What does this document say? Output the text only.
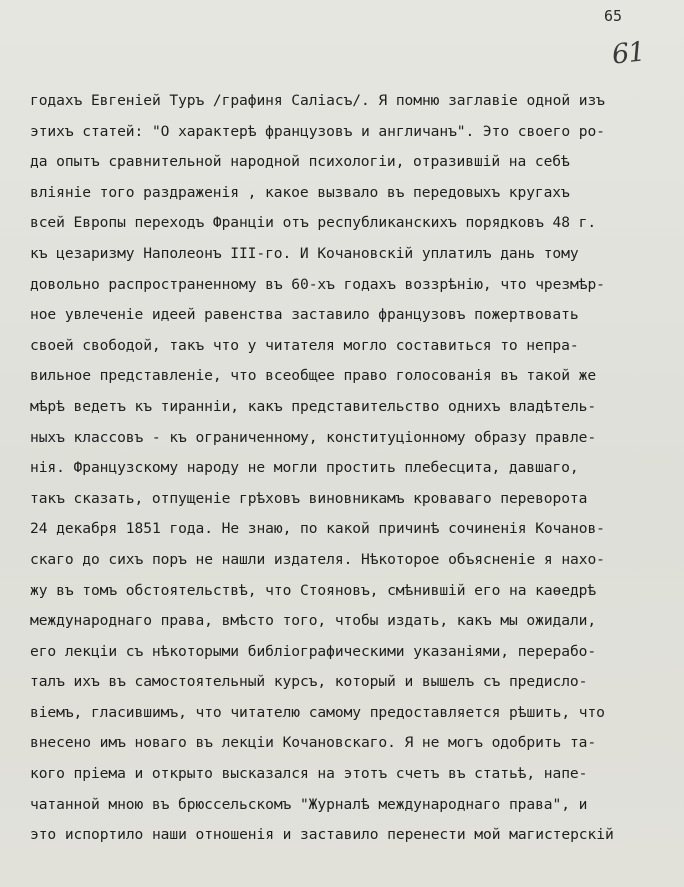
65
61
годахъ Евгеніей Туръ /графиня Саліасъ/. Я помню заглавіе одной изъ
этихъ статей: "О характерѣ французовъ и англичанъ". Это своего ро-
да опытъ сравнительной народной психологіи, отразившій на себѣ
вліяніе того раздраженія , какое вызвало въ передовыхъ кругахъ
всей Европы переходъ Франціи отъ республиканскихъ порядковъ 48 г.
къ цезаризму Наполеонъ III-го. И Кочановскій уплатилъ дань тому
довольно распространенному въ 60-хъ годахъ воззрѣнію, что чрезмѣр-
ное увлеченіе идеей равенства заставило французовъ пожертвовать
своей свободой, такъ что у читателя могло составиться то непра-
вильное представленіе, что всеобщее право голосованія въ такой же
мѣрѣ ведетъ къ тираннiи, какъ представительство однихъ владѣтель-
ныхъ классовъ - къ ограниченному, конституціонному образу правле-
нія. Французскому народу не могли простить плебесцита, давшаго,
такъ сказать, отпущеніе грѣховъ виновникамъ кроваваго переворота
24 декабря 1851 года. Не знаю, по какой причинѣ сочиненія Кочанов-
скаго до сихъ поръ не нашли издателя. Нѣкоторое объясненіе я нахо-
жу въ томъ обстоятельствѣ, что Стояновъ, смѣнившій его на каѳедрѣ
международнаго права, вмѣсто того, чтобы издать, какъ мы ожидали,
его лекціи съ нѣкоторыми библіографическими указаніями, перерабо-
талъ ихъ въ самостоятельный курсъ, который и вышелъ съ предисло-
віемъ, гласившимъ, что читателю самому предоставляется рѣшить, что
внесено имъ новаго въ лекціи Кочановскаго. Я не могъ одобрить та-
кого пріема и открыто высказался на этотъ счетъ въ статьѣ, напе-
чатанной мною въ брюссельскомъ "Журналѣ международнаго права", и
это испортило наши отношенія и заставило перенести мой магистерскій
